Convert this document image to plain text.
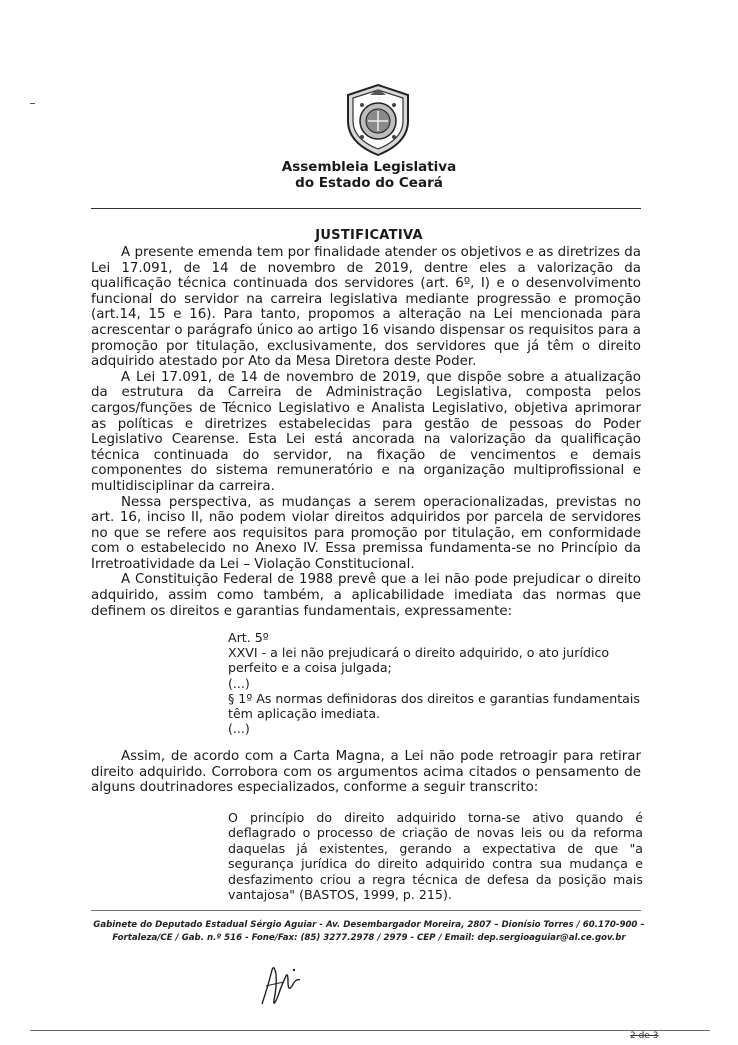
Assembleia Legislativa
do Estado do Ceará
JUSTIFICATIVA

A presente emenda tem por finalidade atender os objetivos e as diretrizes da Lei 17.091, de 14 de novembro de 2019, dentre eles a valorização da qualificação técnica continuada dos servidores (art. 6º, I) e o desenvolvimento funcional do servidor na carreira legislativa mediante progressão e promoção (art.14, 15 e 16). Para tanto, propomos a alteração na Lei mencionada para acrescentar o parágrafo único ao artigo 16 visando dispensar os requisitos para a promoção por titulação, exclusivamente, dos servidores que já têm o direito adquirido atestado por Ato da Mesa Diretora deste Poder.

A Lei 17.091, de 14 de novembro de 2019, que dispõe sobre a atualização da estrutura da Carreira de Administração Legislativa, composta pelos cargos/funções de Técnico Legislativo e Analista Legislativo, objetiva aprimorar as políticas e diretrizes estabelecidas para gestão de pessoas do Poder Legislativo Cearense. Esta Lei está ancorada na valorização da qualificação técnica continuada do servidor, na fixação de vencimentos e demais componentes do sistema remuneratório e na organização multiprofissional e multidisciplinar da carreira.

Nessa perspectiva, as mudanças a serem operacionalizadas, previstas no art. 16, inciso II, não podem violar direitos adquiridos por parcela de servidores no que se refere aos requisitos para promoção por titulação, em conformidade com o estabelecido no Anexo IV. Essa premissa fundamenta-se no Princípio da Irretroatividade da Lei – Violação Constitucional.

A Constituição Federal de 1988 prevê que a lei não pode prejudicar o direito adquirido, assim como também, a aplicabilidade imediata das normas que definem os direitos e garantias fundamentais, expressamente:

Art. 5º
XXVI - a lei não prejudicará o direito adquirido, o ato jurídico perfeito e a coisa julgada;
(...)
§ 1º As normas definidoras dos direitos e garantias fundamentais têm aplicação imediata.
(...)

Assim, de acordo com a Carta Magna, a Lei não pode retroagir para retirar direito adquirido. Corrobora com os argumentos acima citados o pensamento de alguns doutrinadores especializados, conforme a seguir transcrito:

O princípio do direito adquirido torna-se ativo quando é deflagrado o processo de criação de novas leis ou da reforma daquelas já existentes, gerando a expectativa de que "a segurança jurídica do direito adquirido contra sua mudança e desfazimento criou a regra técnica de defesa da posição mais vantajosa" (BASTOS, 1999, p. 215).
Gabinete do Deputado Estadual Sérgio Aguiar - Av. Desembargador Moreira, 2807 – Dionísio Torres / 60.170-900 –
Fortaleza/CE / Gab. n.º 516 - Fone/Fax: (85) 3277.2978 / 2979 - CEP / Email: dep.sergioaguiar@al.ce.gov.br
2 de 3
